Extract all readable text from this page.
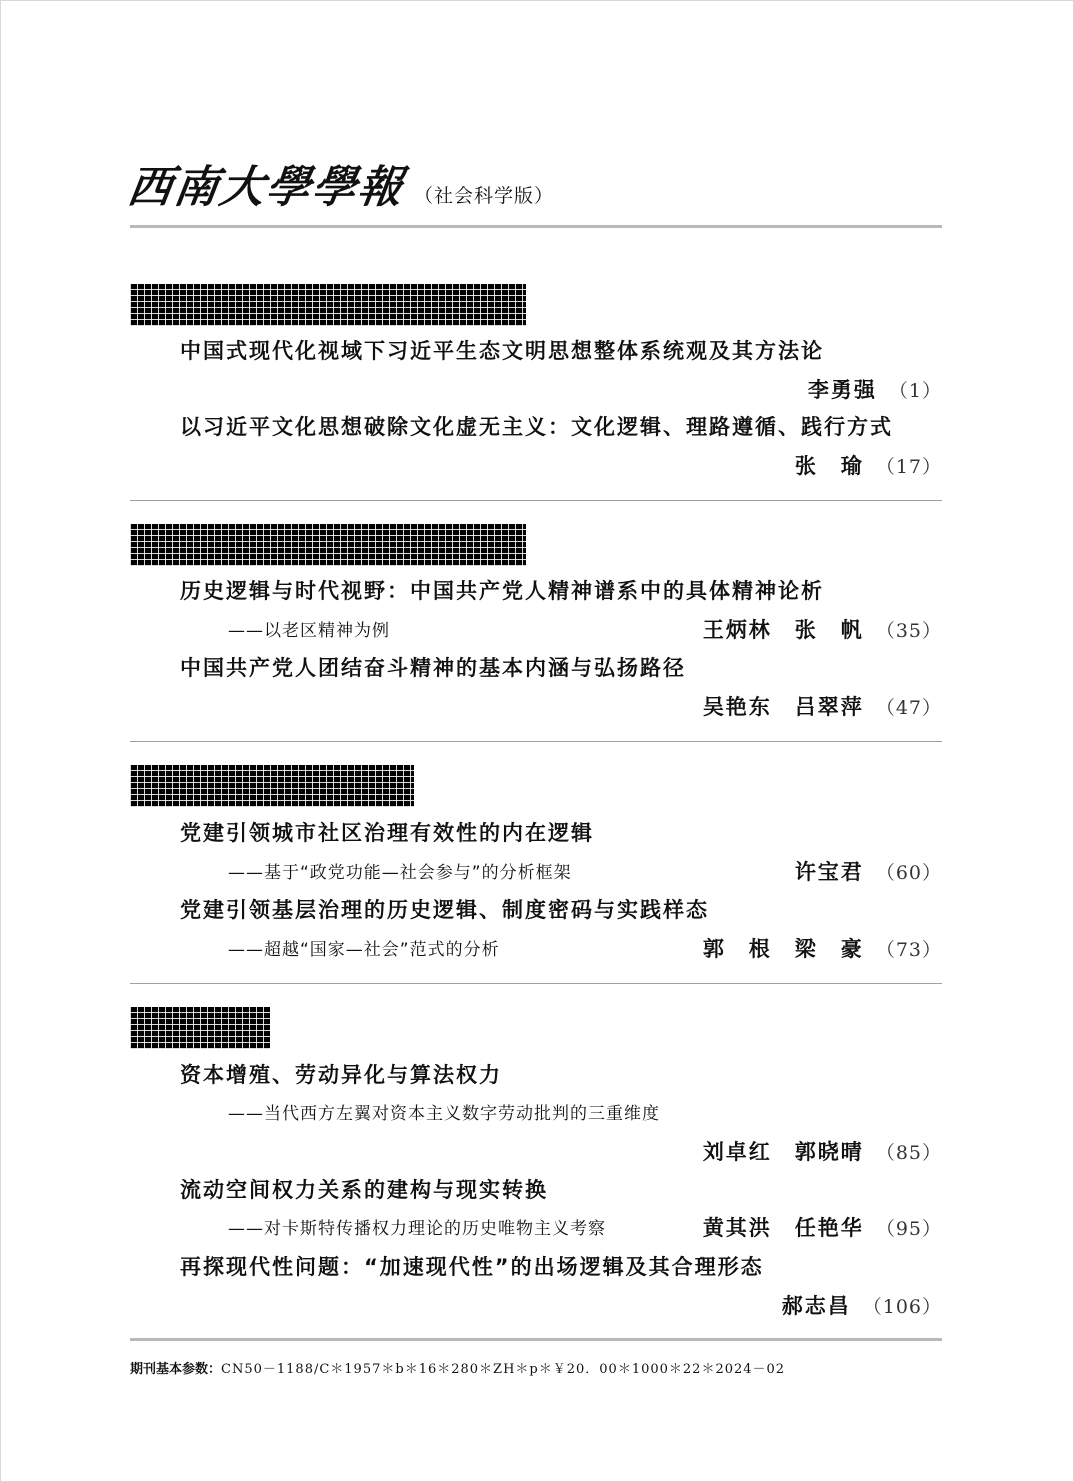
西南大學學報 （社会科学版）
中国式现代化视域下习近平生态文明思想整体系统观及其方法论
李勇强 （1）
以习近平文化思想破除文化虚无主义：文化逻辑、理路遵循、践行方式
张　瑜 （17）
历史逻辑与时代视野：中国共产党人精神谱系中的具体精神论析
——以老区精神为例	王炳林　张　帆 （35）
中国共产党人团结奋斗精神的基本内涵与弘扬路径
吴艳东　吕翠萍 （47）
党建引领城市社区治理有效性的内在逻辑
——基于“政党功能—社会参与”的分析框架	许宝君 （60）
党建引领基层治理的历史逻辑、制度密码与实践样态
——超越“国家—社会”范式的分析	郭　根　梁　豪 （73）
资本增殖、劳动异化与算法权力
——当代西方左翼对资本主义数字劳动批判的三重维度
刘卓红　郭晓晴 （85）
流动空间权力关系的建构与现实转换
——对卡斯特传播权力理论的历史唯物主义考察	黄其洪　任艳华 （95）
再探现代性问题：“加速现代性”的出场逻辑及其合理形态
郝志昌 （106）
期刊基本参数：CN50－1188/C＊1957＊b＊16＊280＊ZH＊p＊￥20．00＊1000＊22＊2024－02
